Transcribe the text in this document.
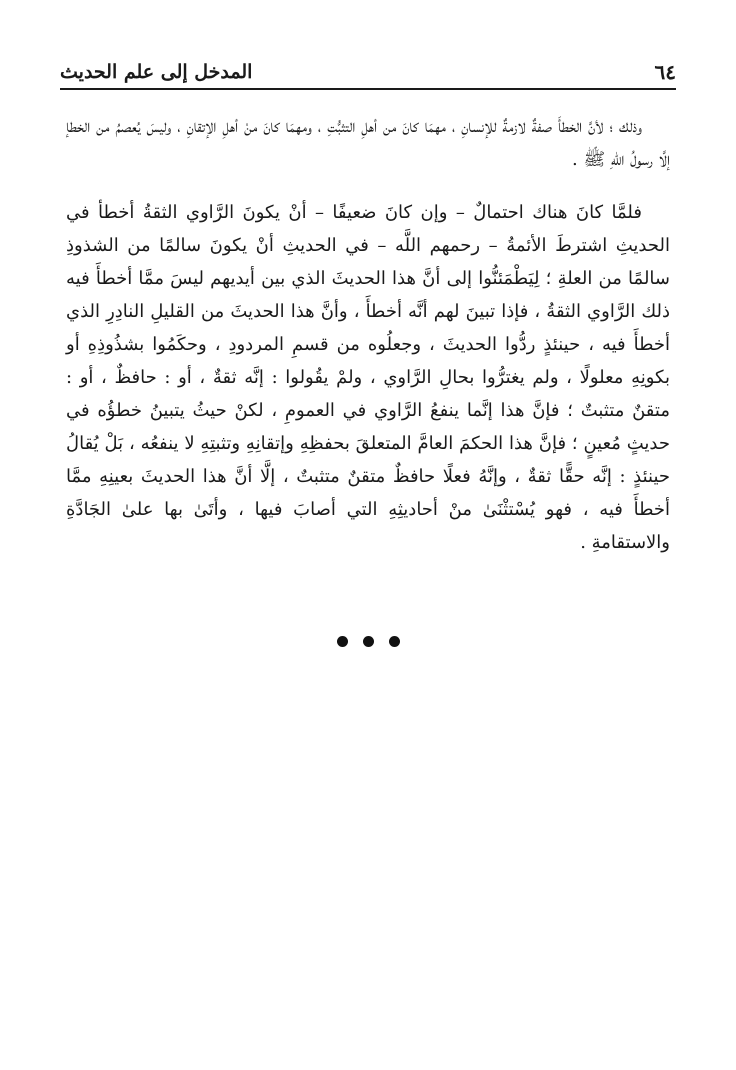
٦٤
المدخل إلى علم الحديث

وذلك ؛ لأنَّ الخطأَ صفةٌ لازمةٌ للإنسانِ ، مهمَا كانَ من أهلِ التثبُّتِ ، ومهمَا كانَ منْ أهلِ الإتقانِ ، وليسَ يُعصمُ من الخطإ إلَّا رسولُ اللهِ ﷺ .

فلمَّا كانَ هناك احتمالٌ – وإن كانَ ضعيفًا – أنْ يكونَ الرَّاوي الثقةُ أخطأ في الحديثِ اشترطَ الأئمةُ – رحمهم اللَّه – في الحديثِ أنْ يكونَ سالمًا من الشذوذِ سالمًا من العلةِ ؛ لِيَطْمَئنُّوا إلى أنَّ هذا الحديثَ الذي بين أيديهم ليسَ ممَّا أخطأَ فيه ذلك الرَّاوي الثقةُ ، فإذا تبينَ لهم أنَّه أخطأَ ، وأنَّ هذا الحديثَ من القليلِ النادِرِ الذي أخطأَ فيه ، حينئذٍ ردُّوا الحديثَ ، وجعلُوه من قسمِ المردودِ ، وحكَمُوا بشذُوذِهِ أو بكونِهِ معلولًا ، ولم يغترُّوا بحالِ الرَّاوي ، ولمْ يقُولوا : إنَّه ثقةٌ ، أو : حافظٌ ، أو : متقنٌ متثبتٌ ؛ فإنَّ هذا إنَّما ينفعُ الرَّاوي في العمومِ ، لكنْ حيثُ يتبينُ خطؤُه في حديثٍ مُعينٍ ؛ فإنَّ هذا الحكمَ العامَّ المتعلقَ بحفظِهِ وإتقانِهِ وتثبتِهِ لا ينفعُه ، بَلْ يُقالُ حينئذٍ : إنَّه حقًّا ثقةٌ ، وإنَّهُ فعلًا حافظٌ متقنٌ متثبتٌ ، إلَّا أنَّ هذا الحديثَ بعينِهِ ممَّا أخطأَ فيه ، فهو يُسْتثْنَىٰ منْ أحاديثِهِ التي أصابَ فيها ، وأتَىٰ بها علىٰ الجَادَّةِ والاستقامةِ .
